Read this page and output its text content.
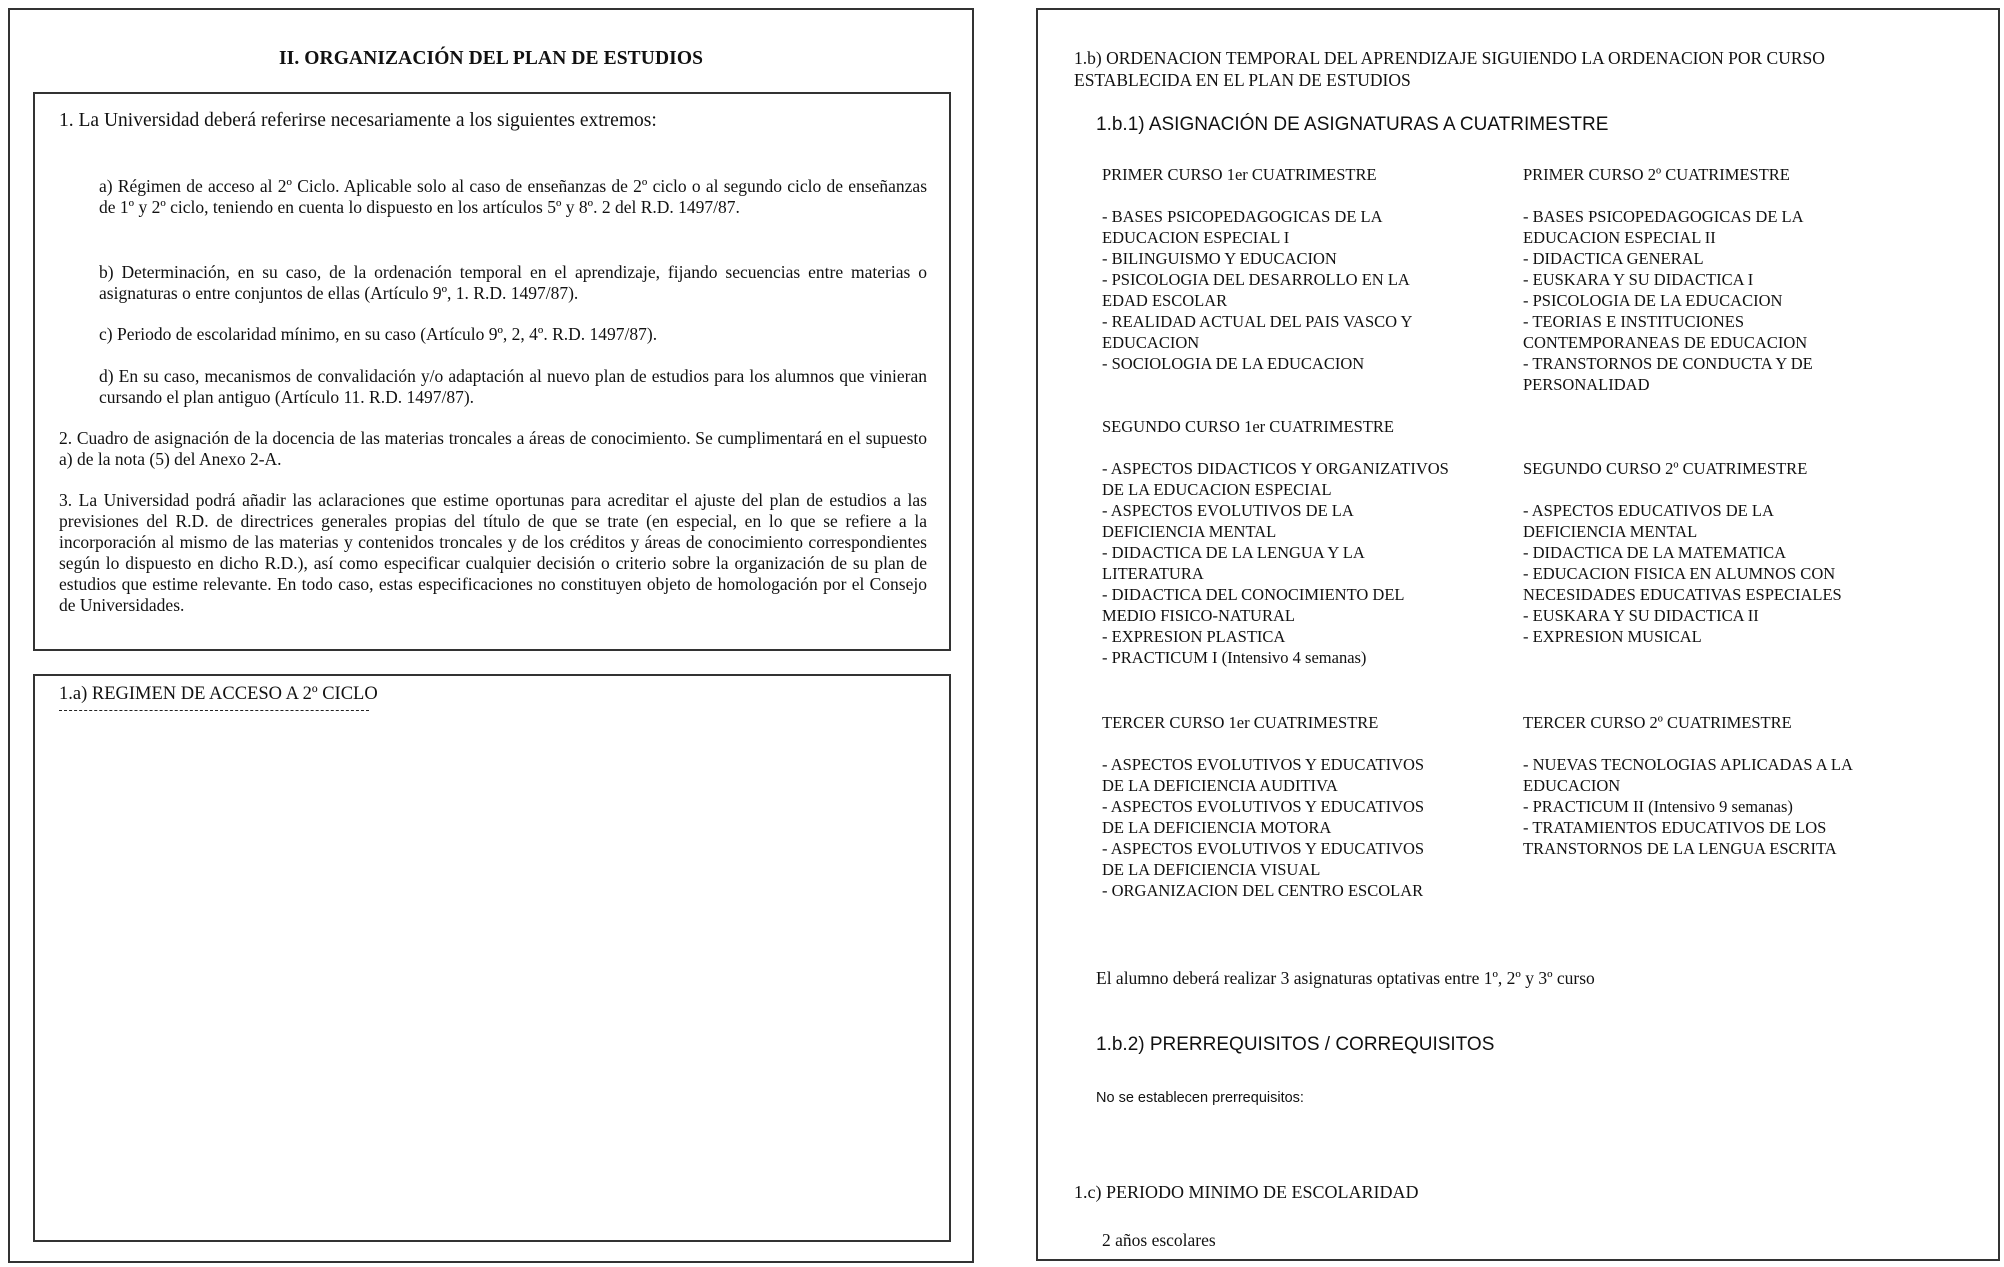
II. ORGANIZACIÓN DEL PLAN DE ESTUDIOS
1. La Universidad deberá referirse necesariamente a los siguientes extremos:
a) Régimen de acceso al 2º Ciclo. Aplicable solo al caso de enseñanzas de 2º ciclo o al segundo ciclo de enseñanzas de 1º y 2º ciclo, teniendo en cuenta lo dispuesto en los artículos 5º y 8º. 2 del R.D. 1497/87.
b) Determinación, en su caso, de la ordenación temporal en el aprendizaje, fijando secuencias entre materias o asignaturas o entre conjuntos de ellas (Artículo 9º, 1. R.D. 1497/87).
c) Periodo de escolaridad mínimo, en su caso (Artículo 9º, 2, 4º. R.D. 1497/87).
d) En su caso, mecanismos de convalidación y/o adaptación al nuevo plan de estudios para los alumnos que vinieran cursando el plan antiguo (Artículo 11. R.D. 1497/87).
2. Cuadro de asignación de la docencia de las materias troncales a áreas de conocimiento. Se cumplimentará en el supuesto a) de la nota (5) del Anexo 2-A.
3. La Universidad podrá añadir las aclaraciones que estime oportunas para acreditar el ajuste del plan de estudios a las previsiones del R.D. de directrices generales propias del título de que se trate (en especial, en lo que se refiere a la incorporación al mismo de las materias y contenidos troncales y de los créditos y áreas de conocimiento correspondientes según lo dispuesto en dicho R.D.), así como especificar cualquier decisión o criterio sobre la organización de su plan de estudios que estime relevante. En todo caso, estas especificaciones no constituyen objeto de homologación por el Consejo de Universidades.
1.a) REGIMEN DE ACCESO A 2º CICLO
1.b) ORDENACION TEMPORAL DEL APRENDIZAJE SIGUIENDO LA ORDENACION POR CURSO
ESTABLECIDA EN EL PLAN DE ESTUDIOS
1.b.1) ASIGNACIÓN DE ASIGNATURAS A CUATRIMESTRE
PRIMER CURSO 1er CUATRIMESTRE
- BASES PSICOPEDAGOGICAS DE LA
EDUCACION ESPECIAL I
- BILINGUISMO Y EDUCACION
- PSICOLOGIA DEL DESARROLLO EN LA
EDAD ESCOLAR
- REALIDAD ACTUAL DEL PAIS VASCO Y
EDUCACION
- SOCIOLOGIA DE LA EDUCACION
PRIMER CURSO 2º CUATRIMESTRE
- BASES PSICOPEDAGOGICAS DE LA
EDUCACION ESPECIAL II
- DIDACTICA GENERAL
- EUSKARA Y SU DIDACTICA I
- PSICOLOGIA DE LA EDUCACION
- TEORIAS E INSTITUCIONES
CONTEMPORANEAS DE EDUCACION
- TRANSTORNOS DE CONDUCTA Y DE
PERSONALIDAD
SEGUNDO CURSO 1er CUATRIMESTRE
- ASPECTOS DIDACTICOS Y ORGANIZATIVOS
DE LA EDUCACION ESPECIAL
- ASPECTOS EVOLUTIVOS DE LA
DEFICIENCIA MENTAL
- DIDACTICA DE LA LENGUA Y LA
LITERATURA
- DIDACTICA DEL CONOCIMIENTO DEL
MEDIO FISICO-NATURAL
- EXPRESION PLASTICA
- PRACTICUM I (Intensivo 4 semanas)
SEGUNDO CURSO 2º CUATRIMESTRE
- ASPECTOS EDUCATIVOS DE LA
DEFICIENCIA MENTAL
- DIDACTICA DE LA MATEMATICA
- EDUCACION FISICA EN ALUMNOS CON
NECESIDADES EDUCATIVAS ESPECIALES
- EUSKARA Y SU DIDACTICA II
- EXPRESION MUSICAL
TERCER CURSO 1er CUATRIMESTRE
- ASPECTOS EVOLUTIVOS Y EDUCATIVOS
DE LA DEFICIENCIA AUDITIVA
- ASPECTOS EVOLUTIVOS Y EDUCATIVOS
DE LA DEFICIENCIA MOTORA
- ASPECTOS EVOLUTIVOS Y EDUCATIVOS
DE LA DEFICIENCIA VISUAL
- ORGANIZACION DEL CENTRO ESCOLAR
TERCER CURSO 2º CUATRIMESTRE
- NUEVAS TECNOLOGIAS APLICADAS A LA
EDUCACION
- PRACTICUM II (Intensivo 9 semanas)
- TRATAMIENTOS EDUCATIVOS DE LOS
TRANSTORNOS DE LA LENGUA ESCRITA
El alumno deberá realizar 3 asignaturas optativas entre 1º, 2º y 3º curso
1.b.2) PRERREQUISITOS / CORREQUISITOS
No se establecen prerrequisitos:
1.c) PERIODO MINIMO DE ESCOLARIDAD
2 años escolares
